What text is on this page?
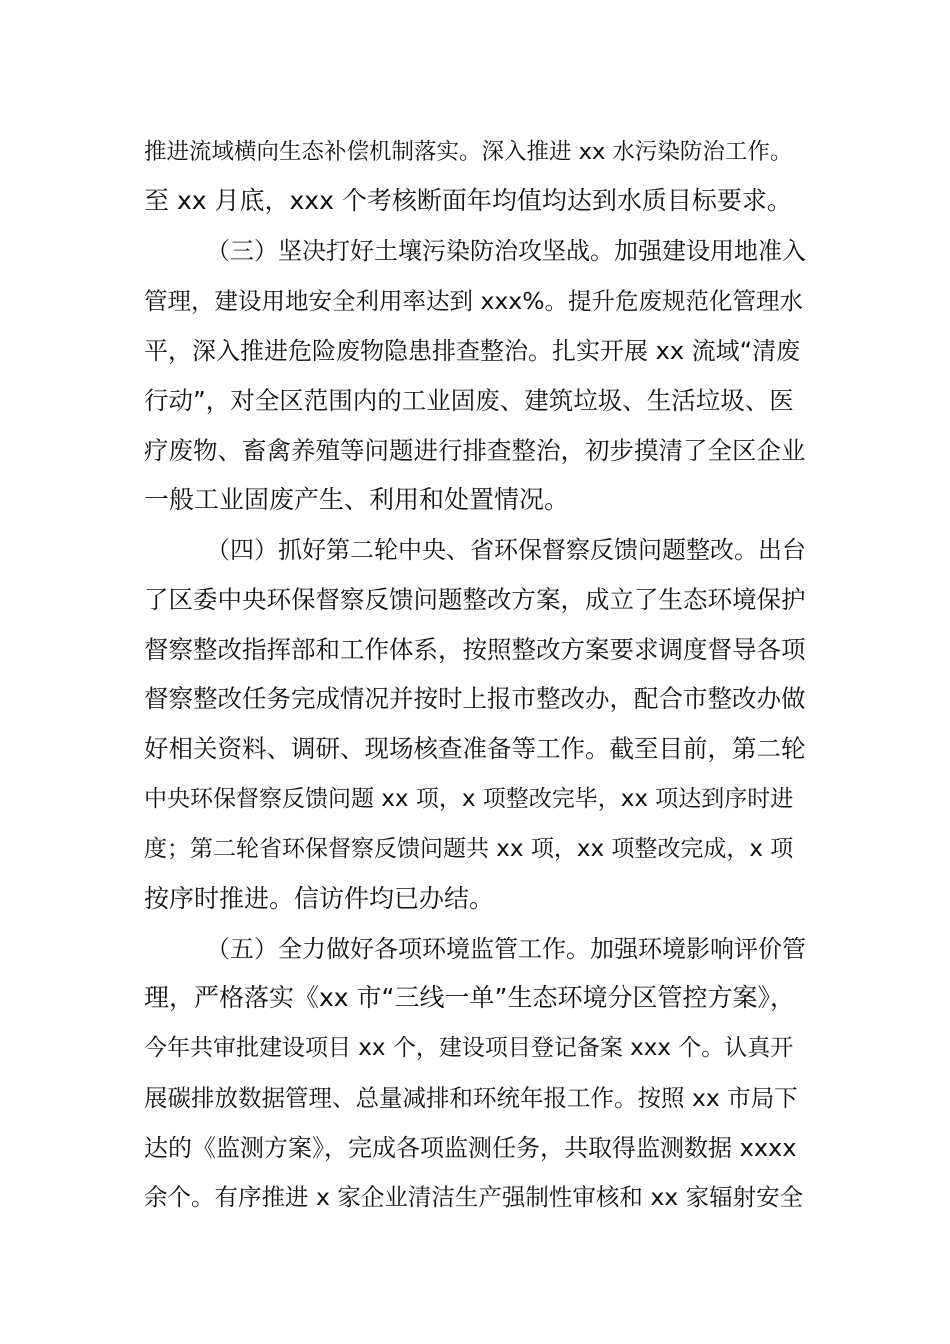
推进流域横向生态补偿机制落实。深入推进 xx 水污染防治工作。
至 xx 月底，xxx 个考核断面年均值均达到水质目标要求。
（三）坚决打好土壤污染防治攻坚战。加强建设用地准入
管理，建设用地安全利用率达到 xxx%。提升危废规范化管理水
平，深入推进危险废物隐患排查整治。扎实开展 xx 流域“清废
行动”，对全区范围内的工业固废、建筑垃圾、生活垃圾、医
疗废物、畜禽养殖等问题进行排查整治，初步摸清了全区企业
一般工业固废产生、利用和处置情况。
（四）抓好第二轮中央、省环保督察反馈问题整改。出台
了区委中央环保督察反馈问题整改方案，成立了生态环境保护
督察整改指挥部和工作体系，按照整改方案要求调度督导各项
督察整改任务完成情况并按时上报市整改办，配合市整改办做
好相关资料、调研、现场核查准备等工作。截至目前，第二轮
中央环保督察反馈问题 xx 项，x 项整改完毕，xx 项达到序时进
度；第二轮省环保督察反馈问题共 xx 项，xx 项整改完成，x 项
按序时推进。信访件均已办结。
（五）全力做好各项环境监管工作。加强环境影响评价管
理，严格落实《xx 市“三线一单”生态环境分区管控方案》，
今年共审批建设项目 xx 个，建设项目登记备案 xxx 个。认真开
展碳排放数据管理、总量减排和环统年报工作。按照 xx 市局下
达的《监测方案》，完成各项监测任务，共取得监测数据 xxxx
余个。有序推进 x 家企业清洁生产强制性审核和 xx 家辐射安全
